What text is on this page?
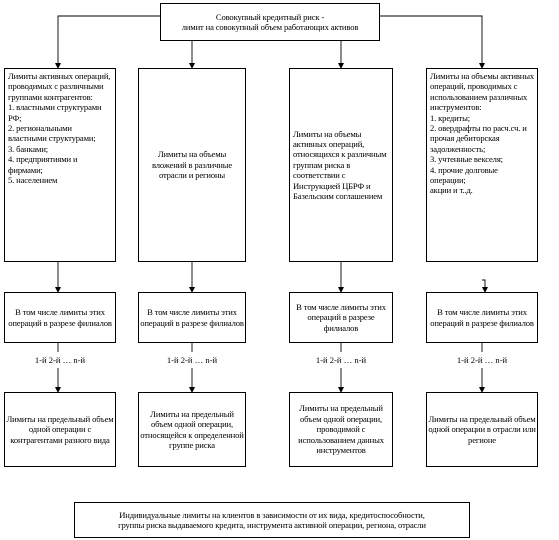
Совокупный кредитный риск -
лимит на совокупный объем работающих активов
Лимиты активных операций, проводимых с различными группами контрагентов:
1. властными структурами РФ;
2. региональными властными структурами;
3. банками;
4. предприятиями и фирмами;
5. населением
В том числе лимиты этих операций в разрезе филиалов
1-й 2-й … n-й
Лимиты на предельный объем одной операции с контрагентами разного вида
Лимиты на объемы вложений в различные отрасли и регионы
В том числе лимиты этих операций в разрезе филиалов
1-й 2-й … n-й
Лимиты на предельный объем одной операции, относящейся к определенной группе риска
Лимиты на объемы активных операций, относящихся к различным группам риска в соответствии с Инструкцией ЦБРФ и Базельским соглашением
В том числе лимиты этих операций в разрезе филиалов
1-й 2-й … n-й
Лимиты на предельный объем одной операции, проводимой с использованием данных инструментов
Лимиты на объемы активных операций, проводимых с использованием различных инструментов:
1. кредиты;
2. овердрафты по расч.сч. и прочая дебиторская задолженность;
3. учтенные векселя;
4. прочие долговые операции;
акции и т..д.
В том числе лимиты этих операций в разрезе филиалов
1-й 2-й … n-й
Лимиты на предельный объем одной операции в отрасли или регионе
Индивидуальные лимиты на клиентов в зависимости от их вида, кредитоспособности,
группы риска выдаваемого кредита, инструмента активной операции, региона, отрасли
